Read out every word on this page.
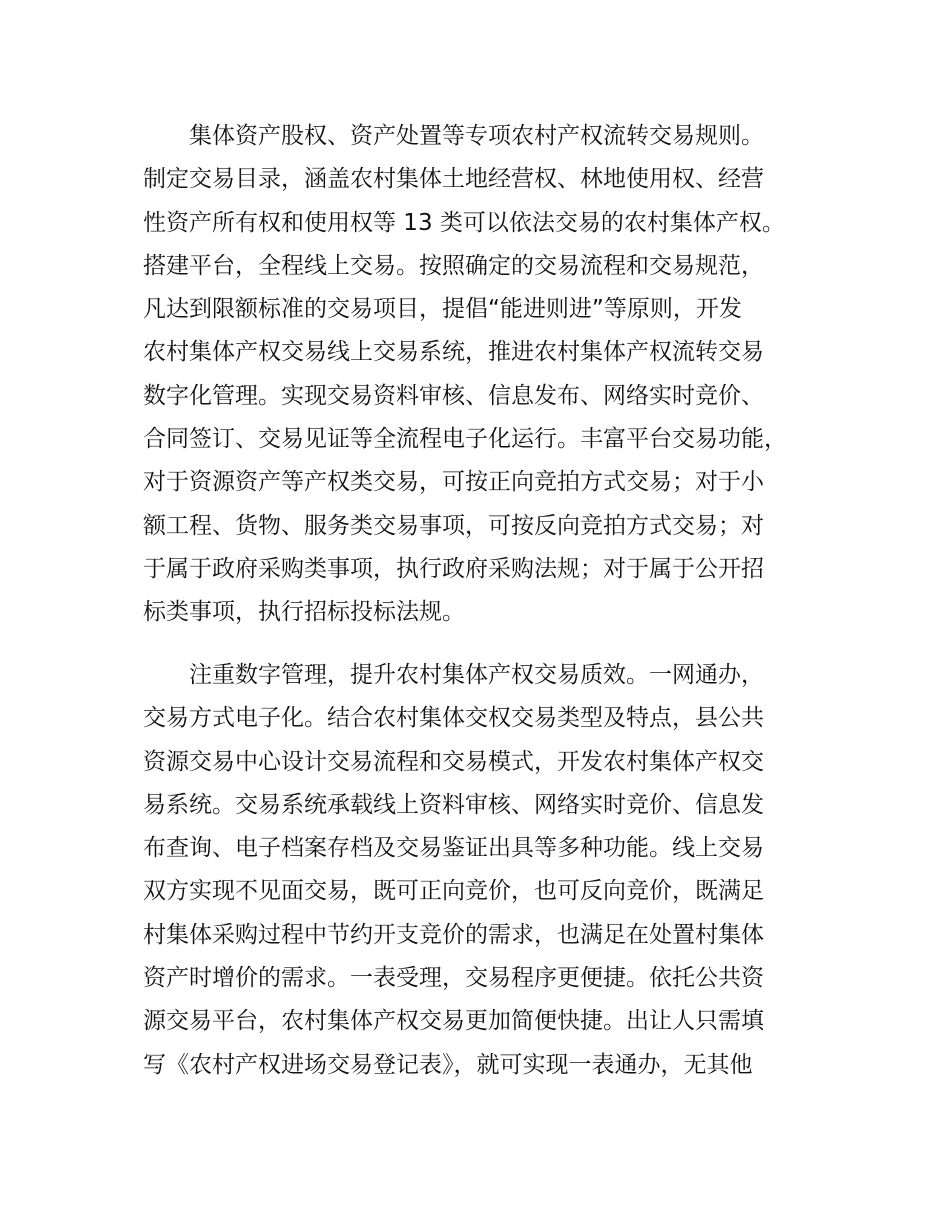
　　集体资产股权、资产处置等专项农村产权流转交易规则。
制定交易目录，涵盖农村集体土地经营权、林地使用权、经营
性资产所有权和使用权等 13 类可以依法交易的农村集体产权。
搭建平台，全程线上交易。按照确定的交易流程和交易规范，
凡达到限额标准的交易项目，提倡“能进则进”等原则，开发
农村集体产权交易线上交易系统，推进农村集体产权流转交易
数字化管理。实现交易资料审核、信息发布、网络实时竞价、
合同签订、交易见证等全流程电子化运行。丰富平台交易功能，
对于资源资产等产权类交易，可按正向竞拍方式交易；对于小
额工程、货物、服务类交易事项，可按反向竞拍方式交易；对
于属于政府采购类事项，执行政府采购法规；对于属于公开招
标类事项，执行招标投标法规。
　　注重数字管理，提升农村集体产权交易质效。一网通办，
交易方式电子化。结合农村集体交权交易类型及特点，县公共
资源交易中心设计交易流程和交易模式，开发农村集体产权交
易系统。交易系统承载线上资料审核、网络实时竞价、信息发
布查询、电子档案存档及交易鉴证出具等多种功能。线上交易
双方实现不见面交易，既可正向竞价，也可反向竞价，既满足
村集体采购过程中节约开支竞价的需求，也满足在处置村集体
资产时增价的需求。一表受理，交易程序更便捷。依托公共资
源交易平台，农村集体产权交易更加简便快捷。出让人只需填
写《农村产权进场交易登记表》，就可实现一表通办，无其他
